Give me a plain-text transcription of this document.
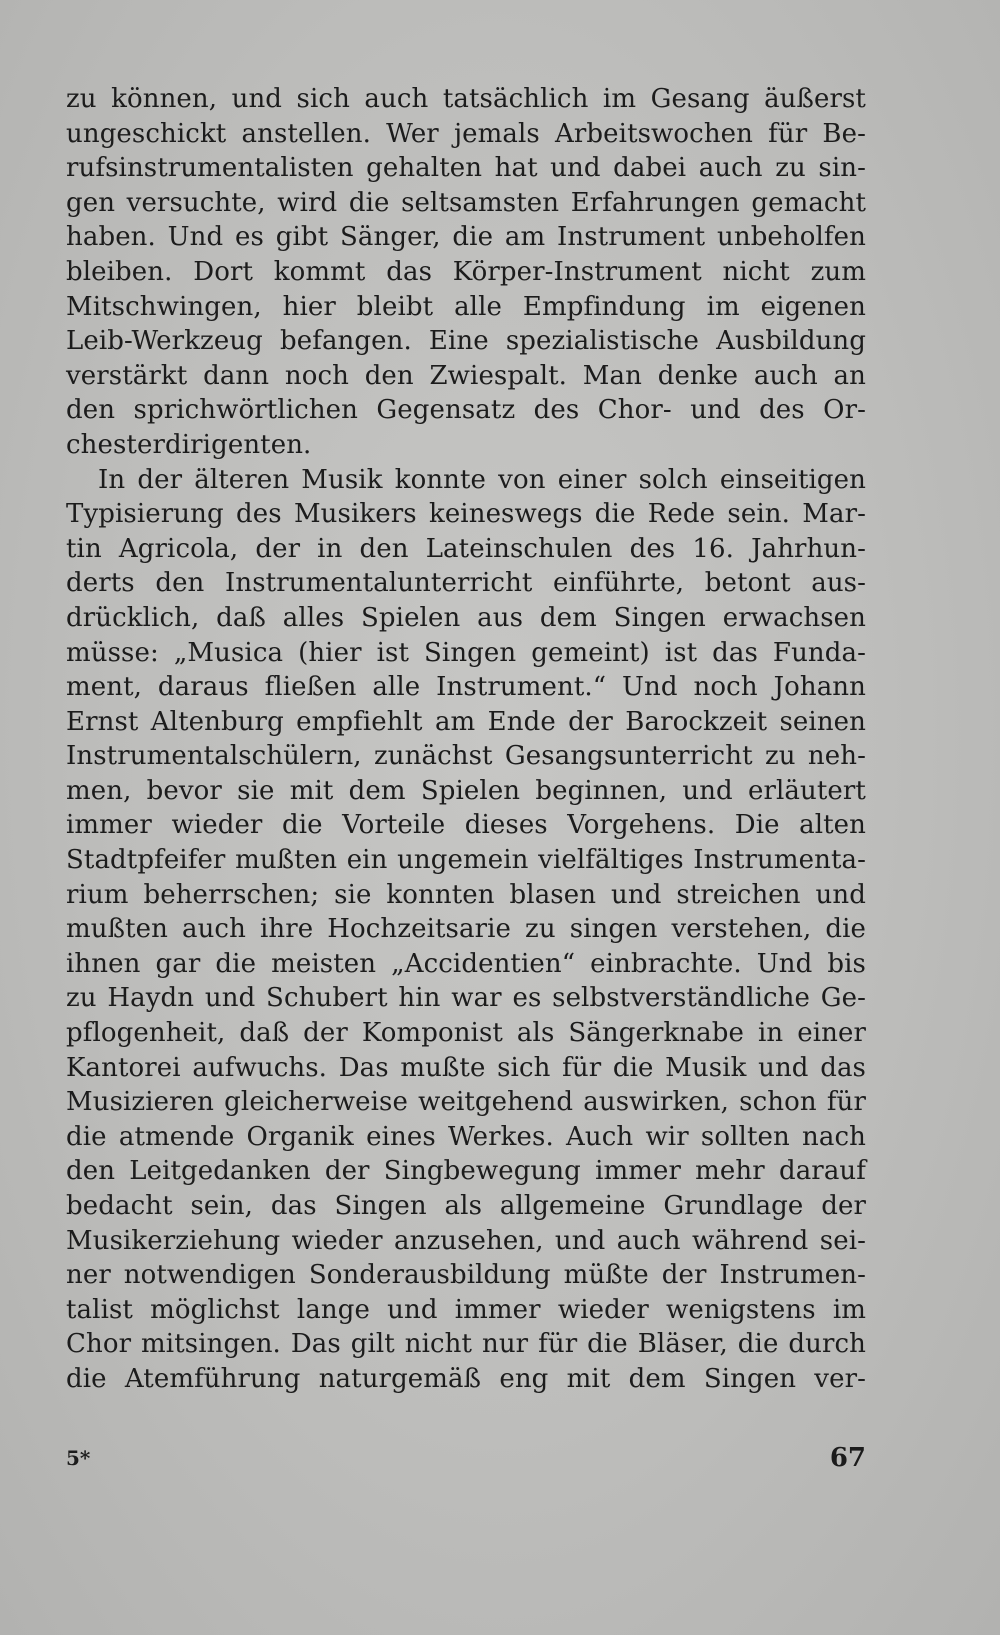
zu können, und sich auch tatsächlich im Gesang äußerst
ungeschickt anstellen. Wer jemals Arbeitswochen für Be-
rufsinstrumentalisten gehalten hat und dabei auch zu sin-
gen versuchte, wird die seltsamsten Erfahrungen gemacht
haben. Und es gibt Sänger, die am Instrument unbeholfen
bleiben. Dort kommt das Körper-Instrument nicht zum
Mitschwingen, hier bleibt alle Empfindung im eigenen
Leib-Werkzeug befangen. Eine spezialistische Ausbildung
verstärkt dann noch den Zwiespalt. Man denke auch an
den sprichwörtlichen Gegensatz des Chor- und des Or-
chesterdirigenten.
In der älteren Musik konnte von einer solch einseitigen
Typisierung des Musikers keineswegs die Rede sein. Mar-
tin Agricola, der in den Lateinschulen des 16. Jahrhun-
derts den Instrumentalunterricht einführte, betont aus-
drücklich, daß alles Spielen aus dem Singen erwachsen
müsse: „Musica (hier ist Singen gemeint) ist das Funda-
ment, daraus fließen alle Instrument.“ Und noch Johann
Ernst Altenburg empfiehlt am Ende der Barockzeit seinen
Instrumentalschülern, zunächst Gesangsunterricht zu neh-
men, bevor sie mit dem Spielen beginnen, und erläutert
immer wieder die Vorteile dieses Vorgehens. Die alten
Stadtpfeifer mußten ein ungemein vielfältiges Instrumenta-
rium beherrschen; sie konnten blasen und streichen und
mußten auch ihre Hochzeitsarie zu singen verstehen, die
ihnen gar die meisten „Accidentien“ einbrachte. Und bis
zu Haydn und Schubert hin war es selbstverständliche Ge-
pflogenheit, daß der Komponist als Sängerknabe in einer
Kantorei aufwuchs. Das mußte sich für die Musik und das
Musizieren gleicherweise weitgehend auswirken, schon für
die atmende Organik eines Werkes. Auch wir sollten nach
den Leitgedanken der Singbewegung immer mehr darauf
bedacht sein, das Singen als allgemeine Grundlage der
Musikerziehung wieder anzusehen, und auch während sei-
ner notwendigen Sonderausbildung müßte der Instrumen-
talist möglichst lange und immer wieder wenigstens im
Chor mitsingen. Das gilt nicht nur für die Bläser, die durch
die Atemführung naturgemäß eng mit dem Singen ver-
5*	67
